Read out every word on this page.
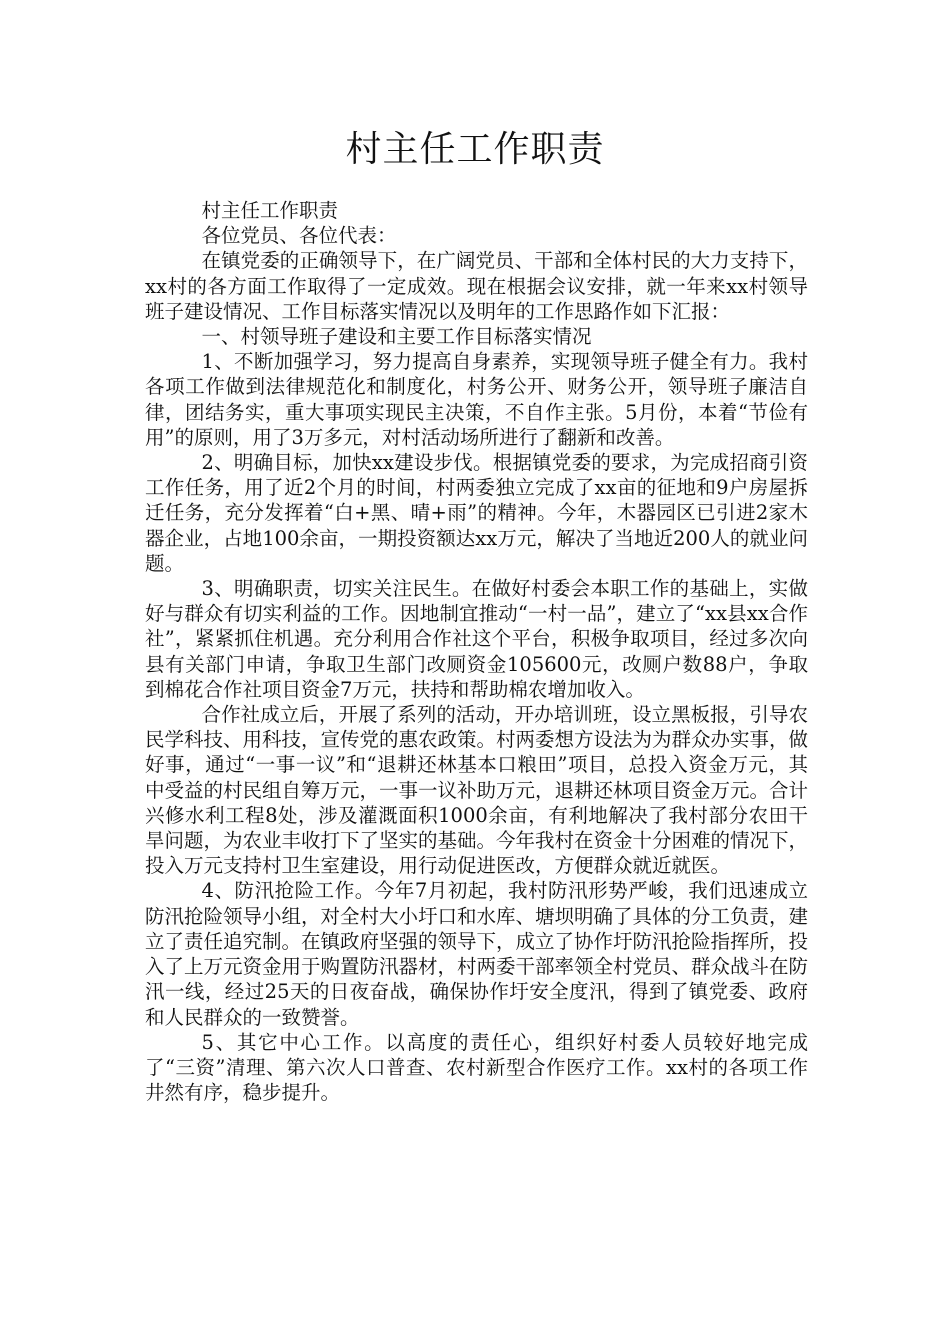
村主任工作职责

村主任工作职责

各位党员、各位代表：

在镇党委的正确领导下，在广阔党员、干部和全体村民的大力支持下，xx村的各方面工作取得了一定成效。现在根据会议安排，就一年来xx村领导班子建设情况、工作目标落实情况以及明年的工作思路作如下汇报：

一、村领导班子建设和主要工作目标落实情况

1、不断加强学习，努力提高自身素养，实现领导班子健全有力。我村各项工作做到法律规范化和制度化，村务公开、财务公开，领导班子廉洁自律，团结务实，重大事项实现民主决策，不自作主张。5月份，本着“节俭有用”的原则，用了3万多元，对村活动场所进行了翻新和改善。

2、明确目标，加快xx建设步伐。根据镇党委的要求，为完成招商引资工作任务，用了近2个月的时间，村两委独立完成了xx亩的征地和9户房屋拆迁任务，充分发挥着“白+黑、晴+雨”的精神。今年，木器园区已引进2家木器企业，占地100余亩，一期投资额达xx万元，解决了当地近200人的就业问题。

3、明确职责，切实关注民生。在做好村委会本职工作的基础上，实做好与群众有切实利益的工作。因地制宜推动“一村一品”，建立了“xx县xx合作社”，紧紧抓住机遇。充分利用合作社这个平台，积极争取项目，经过多次向县有关部门申请，争取卫生部门改厕资金105600元，改厕户数88户，争取到棉花合作社项目资金7万元，扶持和帮助棉农增加收入。

合作社成立后，开展了系列的活动，开办培训班，设立黑板报，引导农民学科技、用科技，宣传党的惠农政策。村两委想方设法为为群众办实事，做好事，通过“一事一议”和“退耕还林基本口粮田”项目，总投入资金万元，其中受益的村民组自筹万元，一事一议补助万元，退耕还林项目资金万元。合计兴修水利工程8处，涉及灌溉面积1000余亩，有利地解决了我村部分农田干旱问题，为农业丰收打下了坚实的基础。今年我村在资金十分困难的情况下，投入万元支持村卫生室建设，用行动促进医改，方便群众就近就医。

4、防汛抢险工作。今年7月初起，我村防汛形势严峻，我们迅速成立防汛抢险领导小组，对全村大小圩口和水库、塘坝明确了具体的分工负责，建立了责任追究制。在镇政府坚强的领导下，成立了协作圩防汛抢险指挥所，投入了上万元资金用于购置防汛器材，村两委干部率领全村党员、群众战斗在防汛一线，经过25天的日夜奋战，确保协作圩安全度汛，得到了镇党委、政府和人民群众的一致赞誉。

5、其它中心工作。以高度的责任心，组织好村委人员较好地完成了“三资”清理、第六次人口普查、农村新型合作医疗工作。xx村的各项工作井然有序，稳步提升。
